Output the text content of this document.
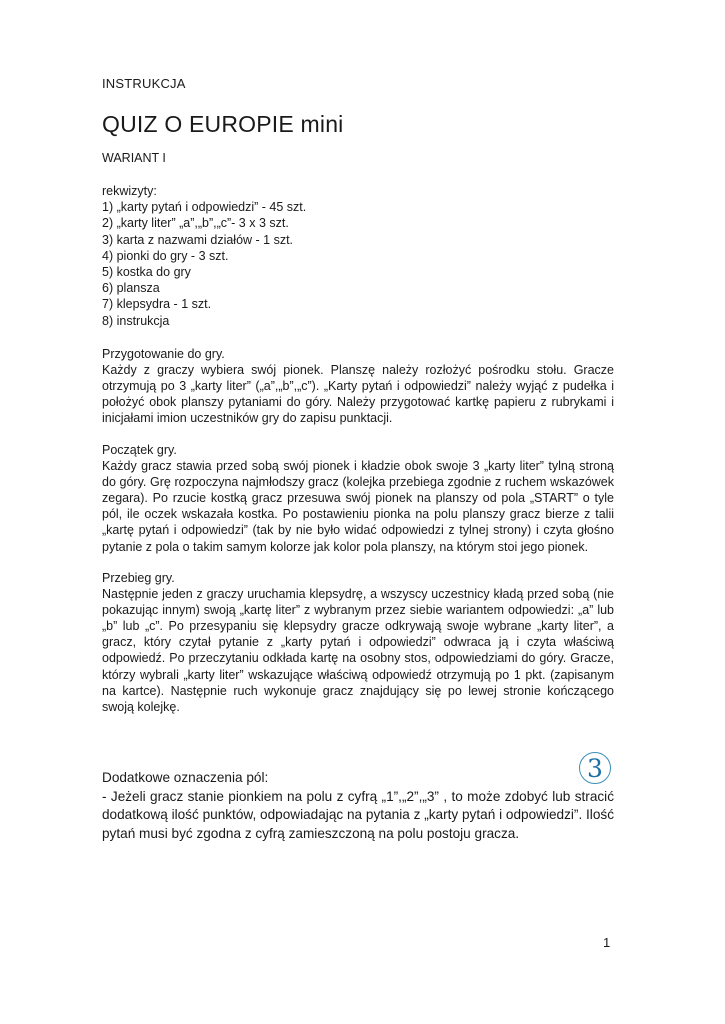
INSTRUKCJA
QUIZ O EUROPIE mini
WARIANT I
rekwizyty:
1) „karty pytań i odpowiedzi” - 45 szt.
2) „karty liter” „a”,„b”,„c”- 3 x 3 szt.
3) karta z nazwami działów - 1 szt.
4) pionki do gry - 3 szt.
5) kostka do gry
6) plansza
7) klepsydra - 1 szt.
8) instrukcja

Przygotowanie do gry.

Każdy z graczy wybiera swój pionek. Planszę należy rozłożyć pośrodku stołu. Gracze otrzymują po 3 „karty liter” („a”,„b”,„c”). „Karty pytań i odpowiedzi” należy wyjąć z pudełka i położyć obok planszy pytaniami do góry. Należy przygotować kartkę papieru z rubrykami i inicjałami imion uczestników gry do zapisu punktacji.

Początek gry.

Każdy gracz stawia przed sobą swój pionek i kładzie obok swoje 3 „karty liter” tylną stroną do góry. Grę rozpoczyna najmłodszy gracz (kolejka przebiega zgodnie z ruchem wskazówek zegara). Po rzucie kostką gracz przesuwa swój pionek na planszy od pola „START” o tyle pól, ile oczek wskazała kostka. Po postawieniu pionka na polu planszy gracz bierze z talii „kartę pytań i odpowiedzi” (tak by nie było widać odpowiedzi z tylnej strony) i czyta głośno pytanie z pola o takim samym kolorze jak kolor pola planszy, na którym stoi jego pionek.

Przebieg gry.

Następnie jeden z graczy uruchamia klepsydrę, a wszyscy uczestnicy kładą przed sobą (nie pokazując innym) swoją „kartę liter” z wybranym przez siebie wariantem odpowiedzi: „a” lub „b” lub „c”. Po przesypaniu się klepsydry gracze odkrywają swoje wybrane „karty liter”, a gracz, który czytał pytanie z „karty pytań i odpowiedzi” odwraca ją i czyta właściwą odpowiedź. Po przeczytaniu odkłada kartę na osobny stos, odpowiedziami do góry. Gracze, którzy wybrali „karty liter” wskazujące właściwą odpowiedź otrzymują po 1 pkt. (zapisanym na kartce). Następnie ruch wykonuje gracz znajdujący się po lewej stronie kończącego swoją kolejkę.

3

Dodatkowe oznaczenia pól:

- Jeżeli gracz stanie pionkiem na polu z cyfrą „1”,„2”,„3” , to może zdobyć lub stracić dodatkową ilość punktów, odpowiadając na pytania z „karty pytań i odpowiedzi”. Ilość pytań musi być zgodna z cyfrą zamieszczoną na polu postoju gracza.

1
